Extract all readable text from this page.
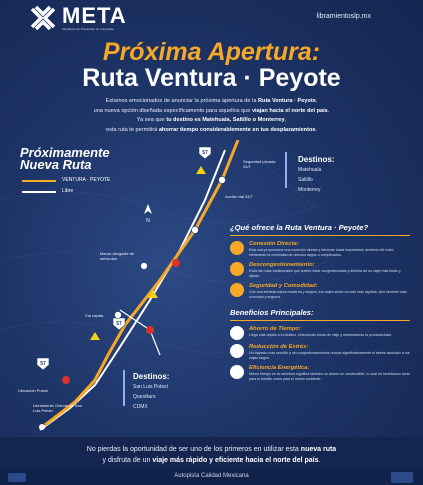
META
Manifiesto de Transporte en Autopistas
libramientoslp.mx
Próxima Apertura:
Ruta Ventura · Peyote
Estamos emocionados de anunciar la próxima apertura de la Ruta Ventura · Peyote,
una nueva opción diseñada específicamente para aquellos que viajan hacia el norte del país.
Ya sea que tu destino es Matehuala, Saltillo o Monterrey,
esta ruta te permitirá ahorrar tiempo considerablemente en tus desplazamientos.
57
57
57
N
Próximamente
Nueva Ruta
VENTURA · PEYOTE
Libre
Seguridad privada 24/7
Auxilio vial 24/7
Menor desgaste de vehículos
Vía rápida
Libramiento Oriente de San Luis Potosí
Ubicación Potosí
Destinos:
Matehuala
Saltillo
Monterrey
Destinos:
San Luis Potosí
Querétaro
CDMX
¿Qué ofrece la Ruta Ventura · Peyote?
Conexión Directa:
Esta ruta proporciona una conexión directa y eficiente hacia importantes destinos del norte, eliminando la necesidad de desvíos largos o complicados.
Descongestionamiento:
Evita las rutas tradicionales que suelen estar congestionadas y disfruta de un viaje más fluido y rápido.
Seguridad y Comodidad:
Con una infraestructura moderna y segura, tus viajes serán no solo más rápidos, sino también más cómodos y seguros.
Beneficios Principales:
Ahorro de Tiempo:
Llega más rápido a tu destino, reduciendo horas de viaje y maximizando tu productividad.
Reducción de Estrés:
Un trayecto más sencillo y sin congestionamientos reduce significativamente el estrés asociado a los viajes largos.
Eficiencia Energética:
Menor tiempo en la carretera significa también un ahorro en combustible, lo cual es beneficioso tanto para tu bolsillo como para el medio ambiente.
No pierdas la oportunidad de ser uno de los primeros en utilizar esta nueva ruta
y disfruta de un viaje más rápido y eficiente hacia el norte del país.
Autopista Calidad Mexicana
